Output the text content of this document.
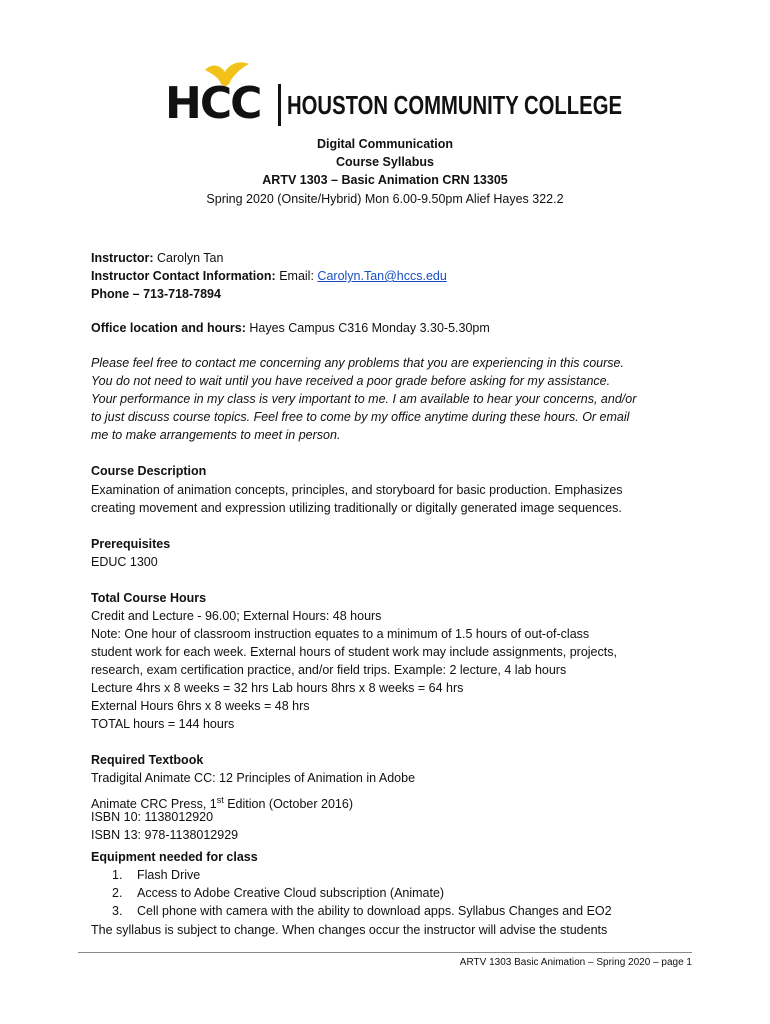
HCC HOUSTON COMMUNITY COLLEGE
Digital Communication
Course Syllabus
ARTV 1303 – Basic Animation CRN 13305
Spring 2020 (Onsite/Hybrid) Mon 6.00-9.50pm Alief Hayes 322.2
Instructor: Carolyn Tan
Instructor Contact Information: Email: Carolyn.Tan@hccs.edu
Phone – 713-718-7894
Office location and hours: Hayes Campus C316 Monday 3.30-5.30pm
Please feel free to contact me concerning any problems that you are experiencing in this course.
You do not need to wait until you have received a poor grade before asking for my assistance.
Your performance in my class is very important to me. I am available to hear your concerns, and/or
to just discuss course topics. Feel free to come by my office anytime during these hours. Or email
me to make arrangements to meet in person.
Course Description
Examination of animation concepts, principles, and storyboard for basic production. Emphasizes
creating movement and expression utilizing traditionally or digitally generated image sequences.
Prerequisites
EDUC 1300
Total Course Hours
Credit and Lecture - 96.00; External Hours: 48 hours
Note: One hour of classroom instruction equates to a minimum of 1.5 hours of out-of-class
student work for each week. External hours of student work may include assignments, projects,
research, exam certification practice, and/or field trips. Example: 2 lecture, 4 lab hours
Lecture 4hrs x 8 weeks = 32 hrs Lab hours 8hrs x 8 weeks = 64 hrs
External Hours 6hrs x 8 weeks = 48 hrs
TOTAL hours = 144 hours
Required Textbook
Tradigital Animate CC: 12 Principles of Animation in Adobe
Animate CRC Press, 1st Edition (October 2016)
ISBN 10: 1138012920
ISBN 13: 978-1138012929
Equipment needed for class
1. Flash Drive
2. Access to Adobe Creative Cloud subscription (Animate)
3. Cell phone with camera with the ability to download apps. Syllabus Changes and EO2
The syllabus is subject to change. When changes occur the instructor will advise the students
ARTV 1303 Basic Animation – Spring 2020 – page 1
